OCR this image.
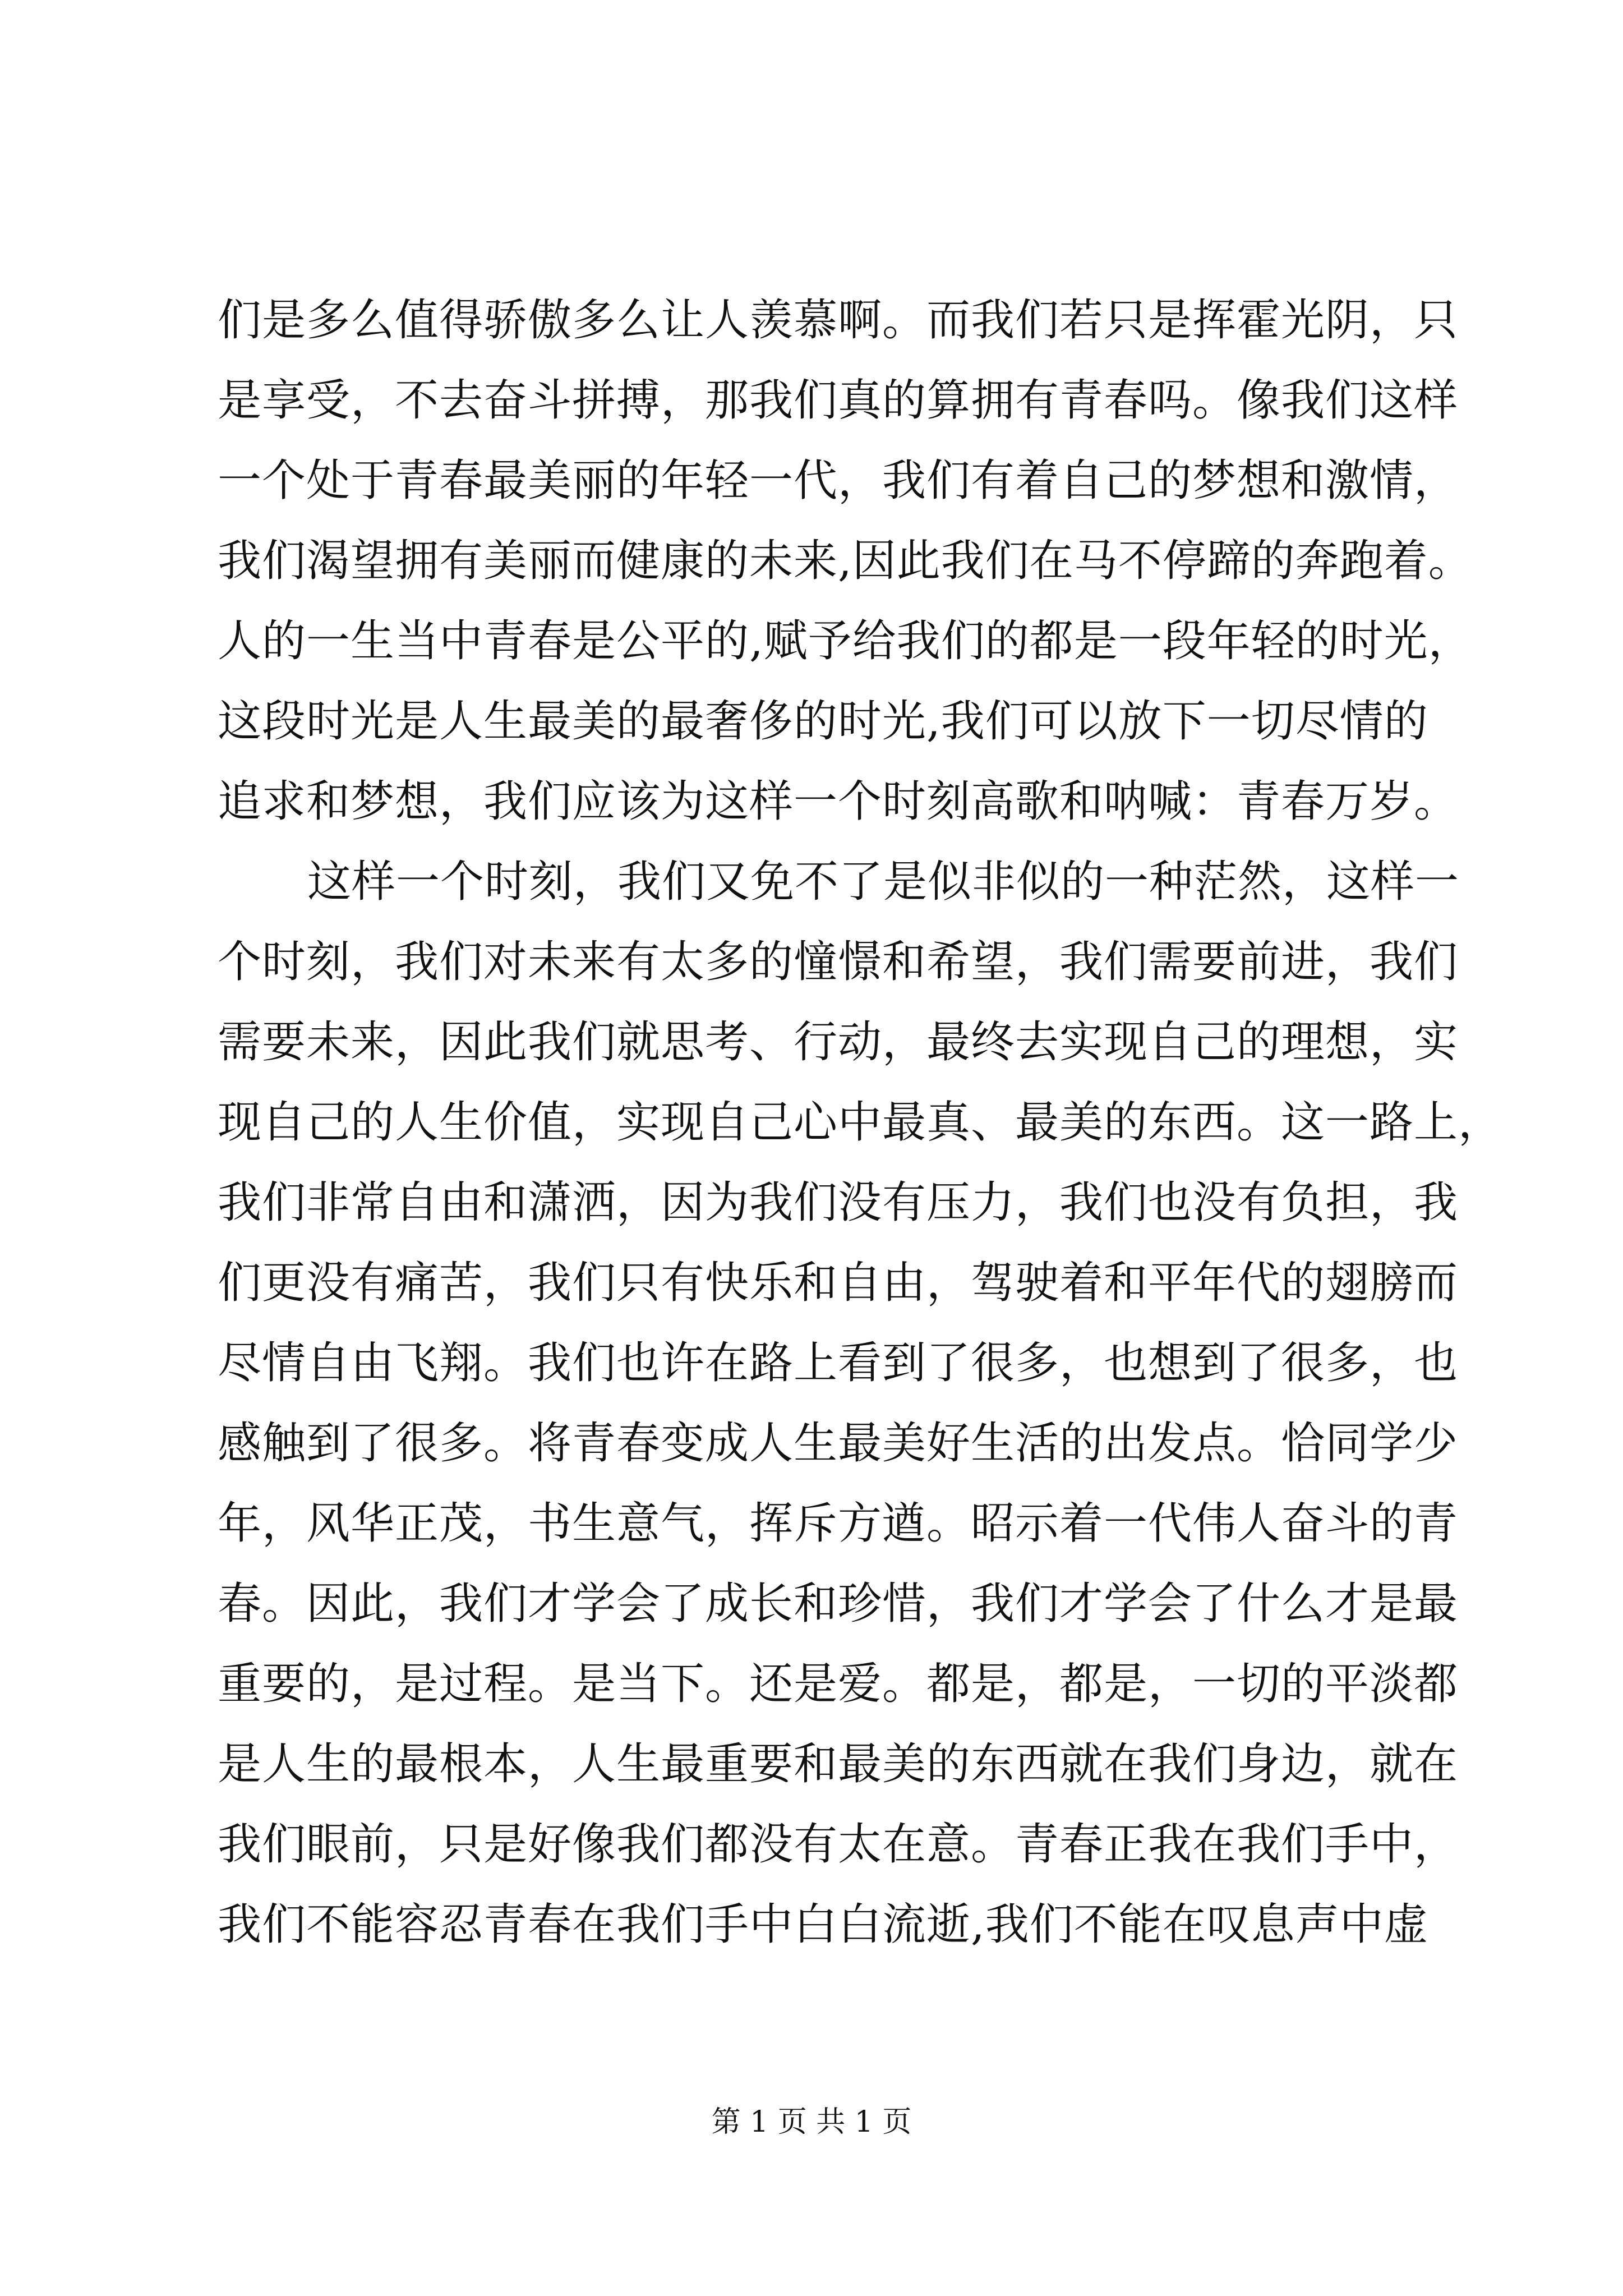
们是多么值得骄傲多么让人羡慕啊。而我们若只是挥霍光阴，只
是享受，不去奋斗拼搏，那我们真的算拥有青春吗。像我们这样
一个处于青春最美丽的年轻一代，我们有着自己的梦想和激情，
我们渴望拥有美丽而健康的未来,因此我们在马不停蹄的奔跑着。
人的一生当中青春是公平的,赋予给我们的都是一段年轻的时光，
这段时光是人生最美的最奢侈的时光,我们可以放下一切尽情的
追求和梦想，我们应该为这样一个时刻高歌和呐喊：青春万岁。
这样一个时刻，我们又免不了是似非似的一种茫然，这样一
个时刻，我们对未来有太多的憧憬和希望，我们需要前进，我们
需要未来，因此我们就思考、行动，最终去实现自己的理想，实
现自己的人生价值，实现自己心中最真、最美的东西。这一路上，
我们非常自由和潇洒，因为我们没有压力，我们也没有负担，我
们更没有痛苦，我们只有快乐和自由，驾驶着和平年代的翅膀而
尽情自由飞翔。我们也许在路上看到了很多，也想到了很多，也
感触到了很多。将青春变成人生最美好生活的出发点。恰同学少
年，风华正茂，书生意气，挥斥方遒。昭示着一代伟人奋斗的青
春。因此，我们才学会了成长和珍惜，我们才学会了什么才是最
重要的，是过程。是当下。还是爱。都是，都是，一切的平淡都
是人生的最根本，人生最重要和最美的东西就在我们身边，就在
我们眼前，只是好像我们都没有太在意。青春正我在我们手中，
我们不能容忍青春在我们手中白白流逝,我们不能在叹息声中虚
第 1 页 共 1 页
